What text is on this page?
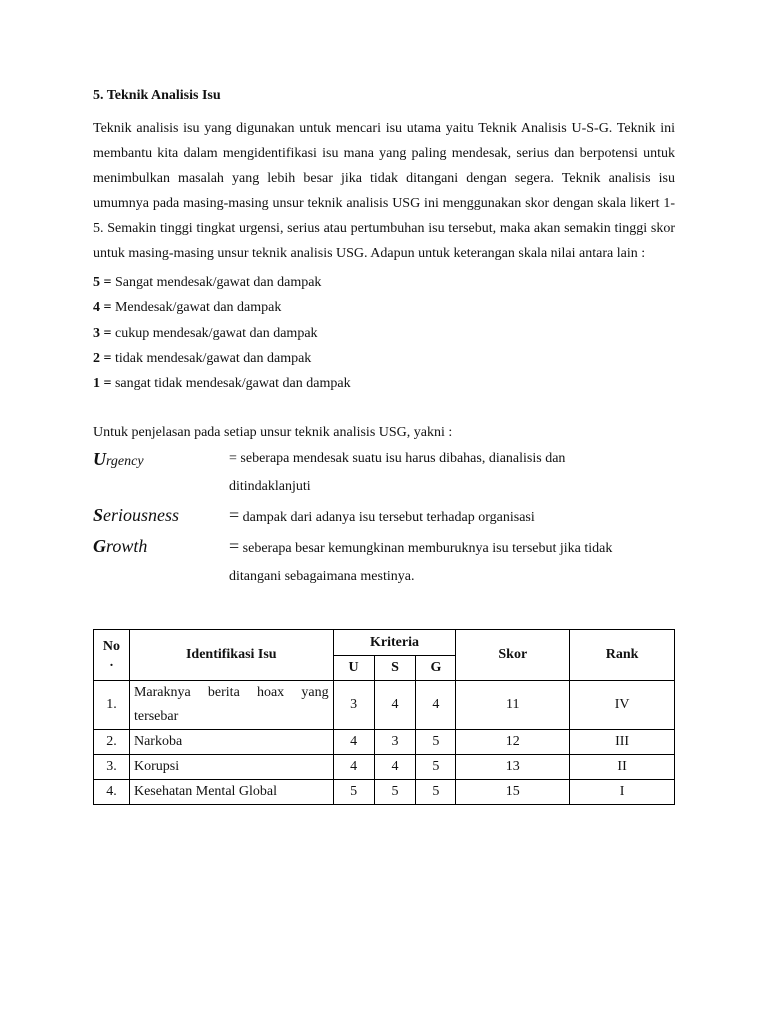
5. Teknik Analisis Isu

Teknik analisis isu yang digunakan untuk mencari isu utama yaitu Teknik Analisis U-S-G. Teknik ini membantu kita dalam mengidentifikasi isu mana yang paling mendesak, serius dan berpotensi untuk menimbulkan masalah yang lebih besar jika tidak ditangani dengan segera. Teknik analisis isu umumnya pada masing-masing unsur teknik analisis USG ini menggunakan skor dengan skala likert 1-5. Semakin tinggi tingkat urgensi, serius atau pertumbuhan isu tersebut, maka akan semakin tinggi skor untuk masing-masing unsur teknik analisis USG. Adapun untuk keterangan skala nilai antara lain :

5 = Sangat mendesak/gawat dan dampak
4 = Mendesak/gawat dan dampak
3 = cukup mendesak/gawat dan dampak
2 = tidak mendesak/gawat dan dampak
1 = sangat tidak mendesak/gawat dan dampak
Untuk penjelasan pada setiap unsur teknik analisis USG, yakni :
Urgency	= seberapa mendesak suatu isu harus dibahas, dianalisis dan
ditindaklanjuti
Seriousness	= dampak dari adanya isu tersebut terhadap organisasi
Growth	= seberapa besar kemungkinan memburuknya isu tersebut jika tidak
ditangani sebagaimana mestinya.
No
.	Identifikasi Isu	Kriteria			Skor	Rank
		U	S	G		
1.	Maraknya berita hoax yang tersebar	3	4	4	11	IV
2.	Narkoba	4	3	5	12	III
3.	Korupsi	4	4	5	13	II
4.	Kesehatan Mental Global	5	5	5	15	I
